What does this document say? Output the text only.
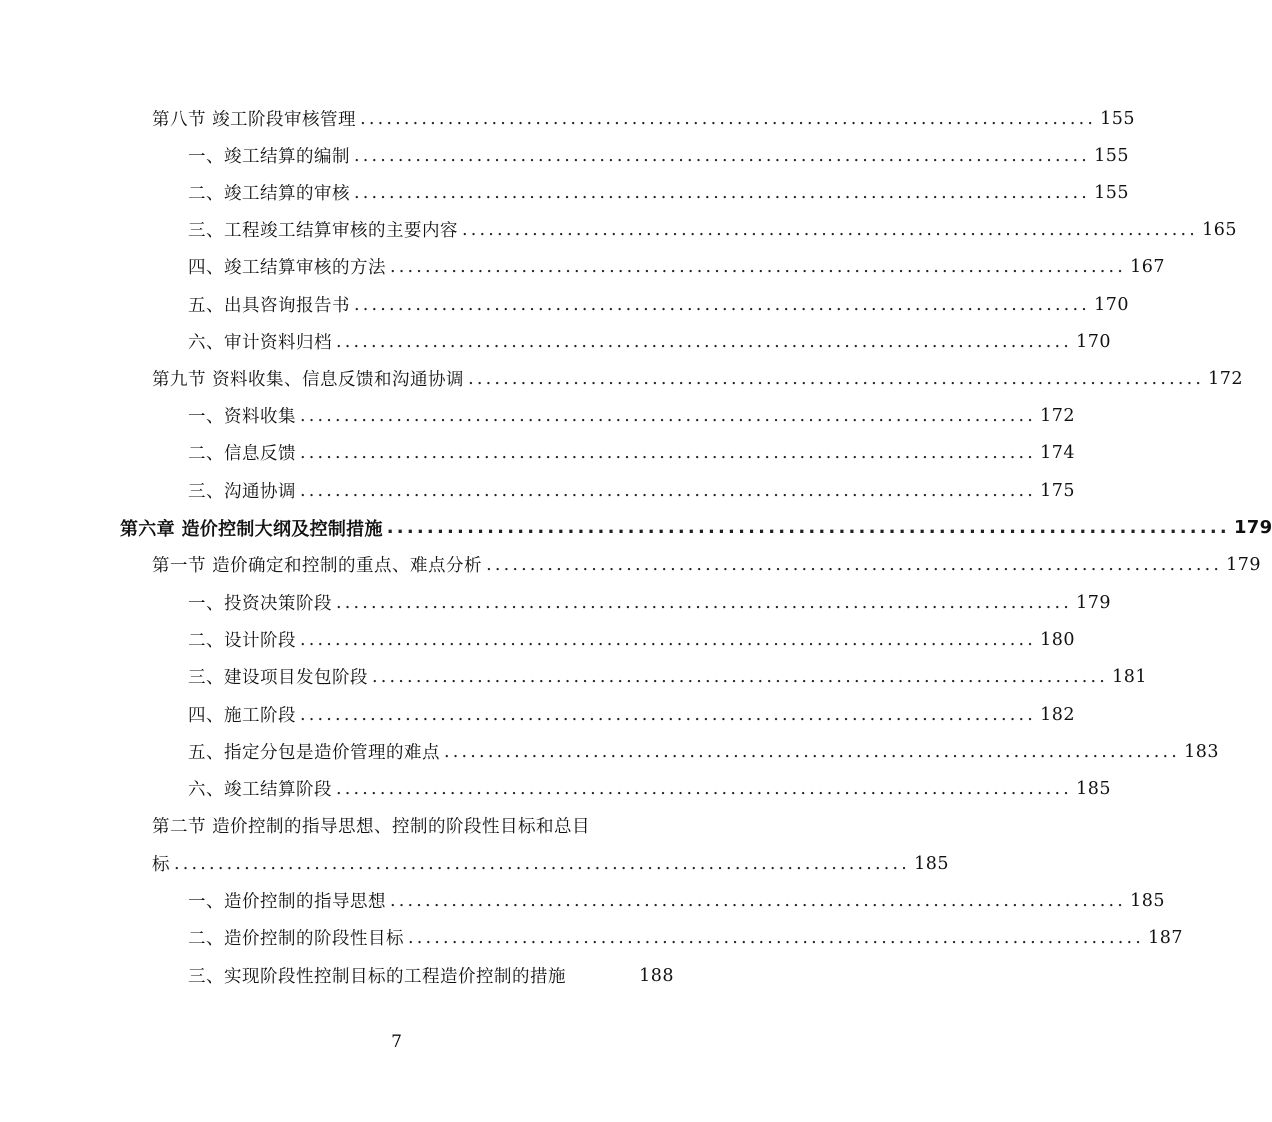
第八节 竣工阶段审核管理 .................................................................................... 155
一、竣工结算的编制 .................................................................................... 155
二、竣工结算的审核 .................................................................................... 155
三、工程竣工结算审核的主要内容 .................................................................................... 165
四、竣工结算审核的方法 .................................................................................... 167
五、出具咨询报告书 .................................................................................... 170
六、审计资料归档 .................................................................................... 170
第九节 资料收集、信息反馈和沟通协调 .................................................................................... 172
一、资料收集 .................................................................................... 172
二、信息反馈 .................................................................................... 174
三、沟通协调 .................................................................................... 175
第六章 造价控制大纲及控制措施 .................................................................................... 179
第一节 造价确定和控制的重点、难点分析 .................................................................................... 179
一、投资决策阶段 .................................................................................... 179
二、设计阶段 .................................................................................... 180
三、建设项目发包阶段 .................................................................................... 181
四、施工阶段 .................................................................................... 182
五、指定分包是造价管理的难点 .................................................................................... 183
六、竣工结算阶段 .................................................................................... 185
第二节 造价控制的指导思想、控制的阶段性目标和总目
标 .................................................................................... 185
一、造价控制的指导思想 .................................................................................... 185
二、造价控制的阶段性目标 .................................................................................... 187
三、实现阶段性控制目标的工程造价控制的措施	188
7
